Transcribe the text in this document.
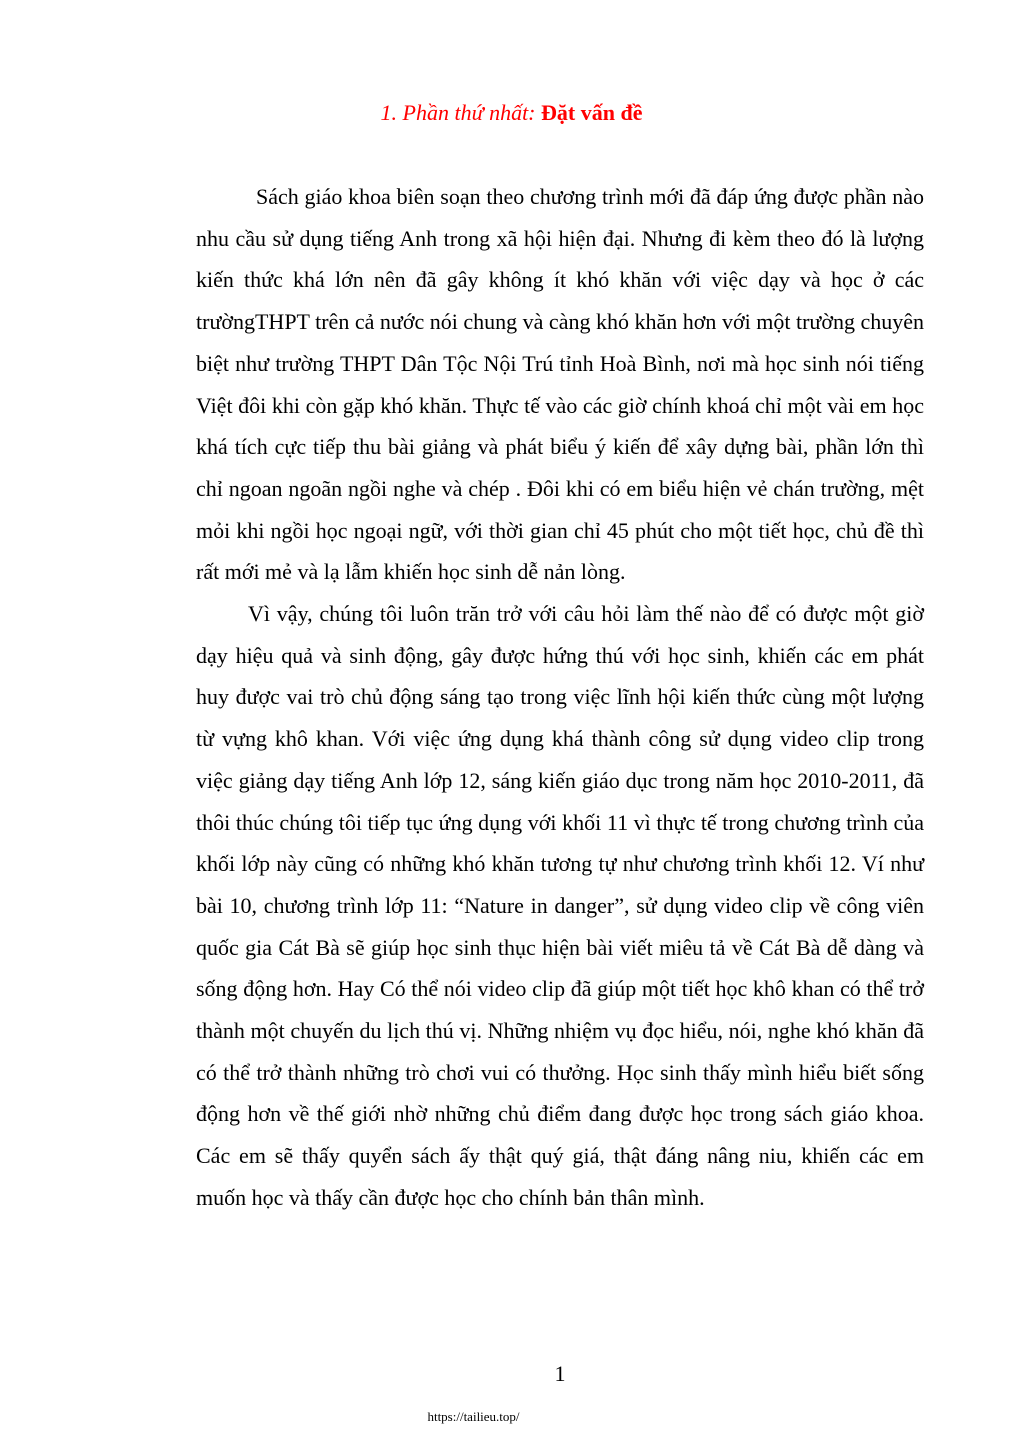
1. Phần thứ nhất: Đặt vấn đề

Sách giáo khoa biên soạn theo chương trình mới đã đáp ứng được phần nào nhu cầu sử dụng tiếng Anh trong xã hội hiện đại. Nhưng đi kèm theo đó là lượng kiến thức khá lớn nên đã gây không ít khó khăn với việc dạy và học ở các trườngTHPT trên cả nước nói chung và càng khó khăn hơn với một trường chuyên biệt như trường THPT Dân Tộc Nội Trú tỉnh Hoà Bình, nơi mà học sinh nói tiếng Việt đôi khi còn gặp khó khăn. Thực tế vào các giờ chính khoá chỉ một vài em học khá tích cực tiếp thu bài giảng và phát biểu ý kiến để xây dựng bài, phần lớn thì chỉ ngoan ngoãn ngồi nghe và chép . Đôi khi có em biểu hiện vẻ chán trường, mệt mỏi khi ngồi học ngoại ngữ, với thời gian chỉ 45 phút cho một tiết học, chủ đề thì rất mới mẻ và lạ lẫm khiến học sinh dễ nản lòng.

Vì vậy, chúng tôi luôn trăn trở với câu hỏi làm thế nào để có được một giờ dạy hiệu quả và sinh động, gây được hứng thú với học sinh, khiến các em phát huy được vai trò chủ động sáng tạo trong việc lĩnh hội kiến thức cùng một lượng từ vựng khô khan. Với việc ứng dụng khá thành công sử dụng video clip trong việc giảng dạy tiếng Anh lớp 12, sáng kiến giáo dục trong năm học 2010-2011, đã thôi thúc chúng tôi tiếp tục ứng dụng với khối 11 vì thực tế trong chương trình của khối lớp này cũng có những khó khăn tương tự như chương trình khối 12. Ví như bài 10, chương trình lớp 11: “Nature in danger”, sử dụng video clip về công viên quốc gia Cát Bà sẽ giúp học sinh thục hiện bài viết miêu tả về Cát Bà dễ dàng và sống động hơn. Hay Có thể nói video clip đã giúp một tiết học khô khan có thể trở thành một chuyến du lịch thú vị. Những nhiệm vụ đọc hiểu, nói, nghe khó khăn đã có thể trở thành những trò chơi vui có thưởng. Học sinh thấy mình hiểu biết sống động hơn về thế giới nhờ những chủ điểm đang được học trong sách giáo khoa. Các em sẽ thấy quyển sách ấy thật quý giá, thật đáng nâng niu, khiến các em muốn học và thấy cần được học cho chính bản thân mình.

1
https://tailieu.top/
